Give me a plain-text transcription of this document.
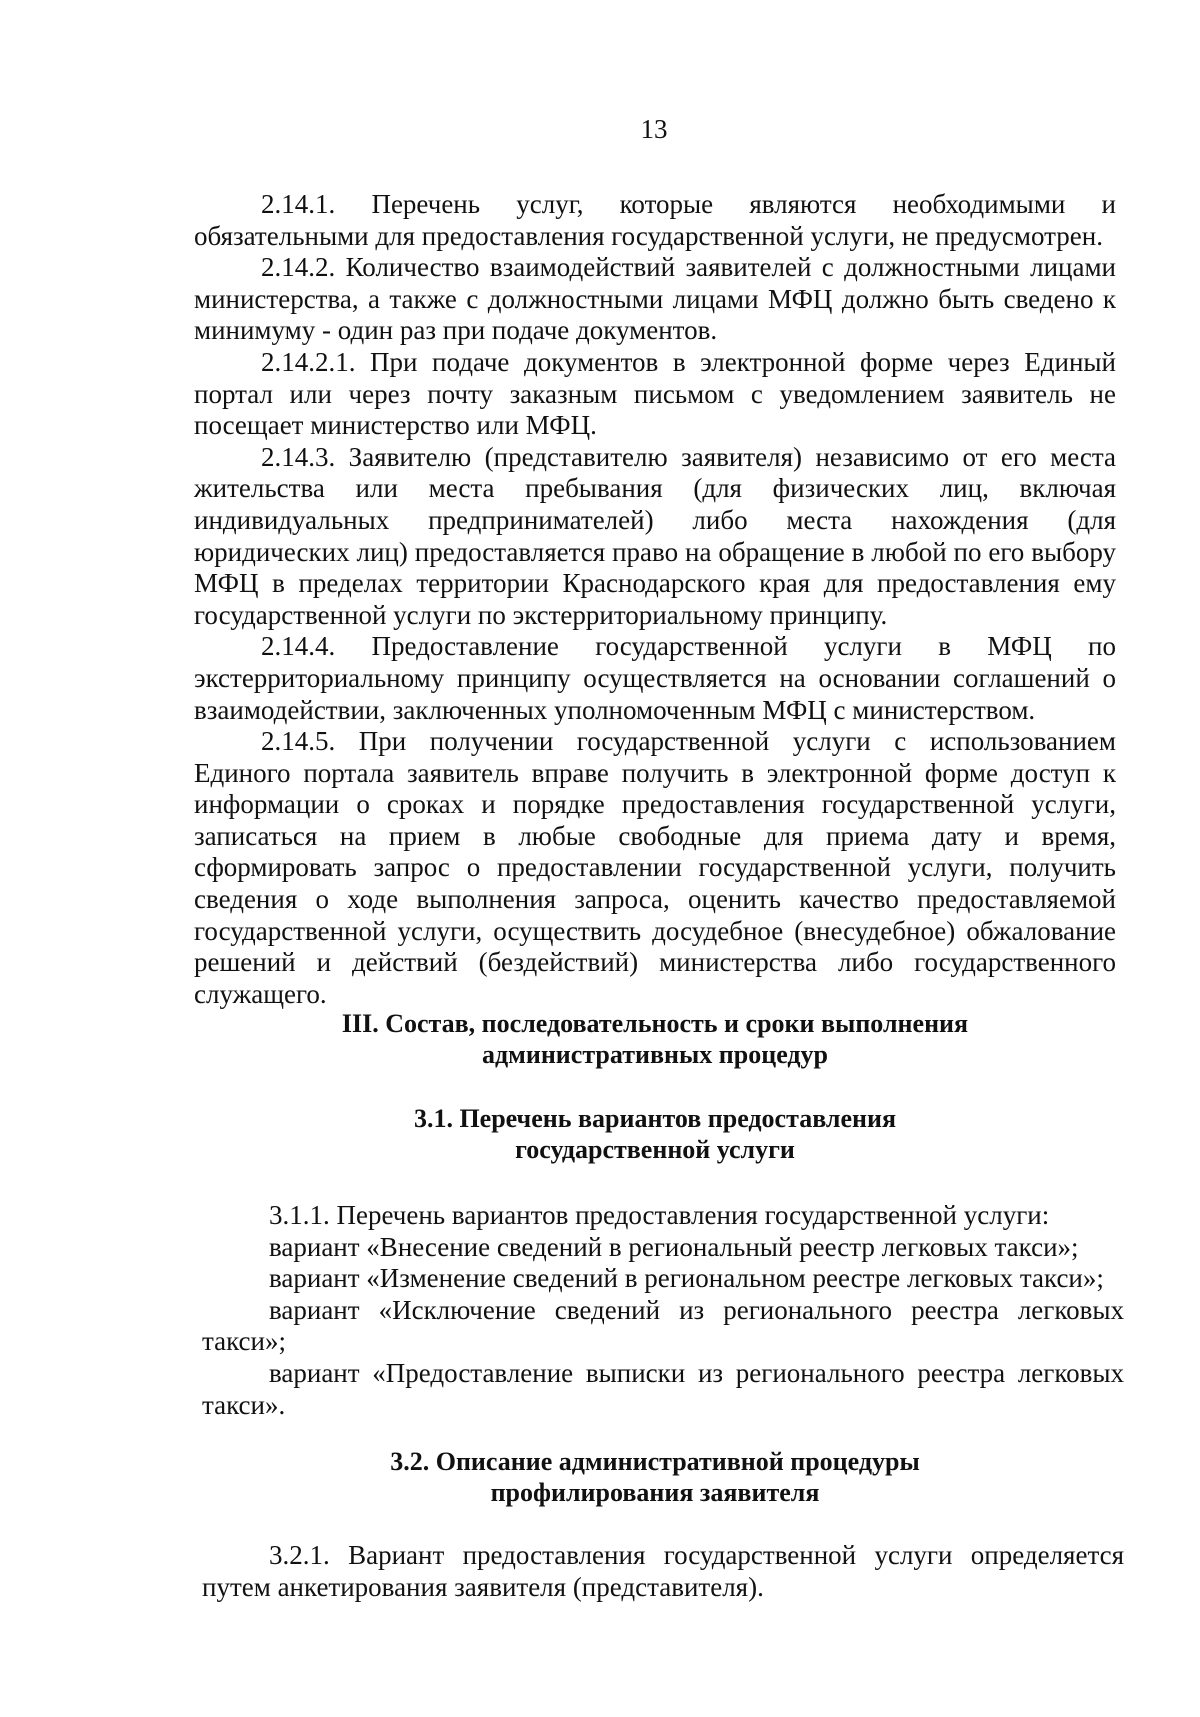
13

2.14.1. Перечень услуг, которые являются необходимыми и обязательными для предоставления государственной услуги, не предусмотрен.

2.14.2. Количество взаимодействий заявителей с должностными лицами министерства, а также с должностными лицами МФЦ должно быть сведено к минимуму - один раз при подаче документов.

2.14.2.1. При подаче документов в электронной форме через Единый портал или через почту заказным письмом с уведомлением заявитель не посещает министерство или МФЦ.

2.14.3. Заявителю (представителю заявителя) независимо от его места жительства или места пребывания (для физических лиц, включая индивидуальных предпринимателей) либо места нахождения (для юридических лиц) предоставляется право на обращение в любой по его выбору МФЦ в пределах территории Краснодарского края для предоставления ему государственной услуги по экстерриториальному принципу.

2.14.4. Предоставление государственной услуги в МФЦ по экстерриториальному принципу осуществляется на основании соглашений о взаимодействии, заключенных уполномоченным МФЦ с министерством.

2.14.5. При получении государственной услуги с использованием Единого портала заявитель вправе получить в электронной форме доступ к информации о сроках и порядке предоставления государственной услуги, записаться на прием в любые свободные для приема дату и время, сформировать запрос о предоставлении государственной услуги, получить сведения о ходе выполнения запроса, оценить качество предоставляемой государственной услуги, осуществить досудебное (внесудебное) обжалование решений и действий (бездействий) министерства либо государственного служащего.

III. Состав, последовательность и сроки выполнения
административных процедур
3.1. Перечень вариантов предоставления
государственной услуги

3.1.1. Перечень вариантов предоставления государственной услуги:

вариант «Внесение сведений в региональный реестр легковых такси»;

вариант «Изменение сведений в региональном реестре легковых такси»;

вариант «Исключение сведений из регионального реестра легковых такси»;

вариант «Предоставление выписки из регионального реестра легковых такси».

3.2. Описание административной процедуры
профилирования заявителя

3.2.1. Вариант предоставления государственной услуги определяется путем анкетирования заявителя (представителя).
